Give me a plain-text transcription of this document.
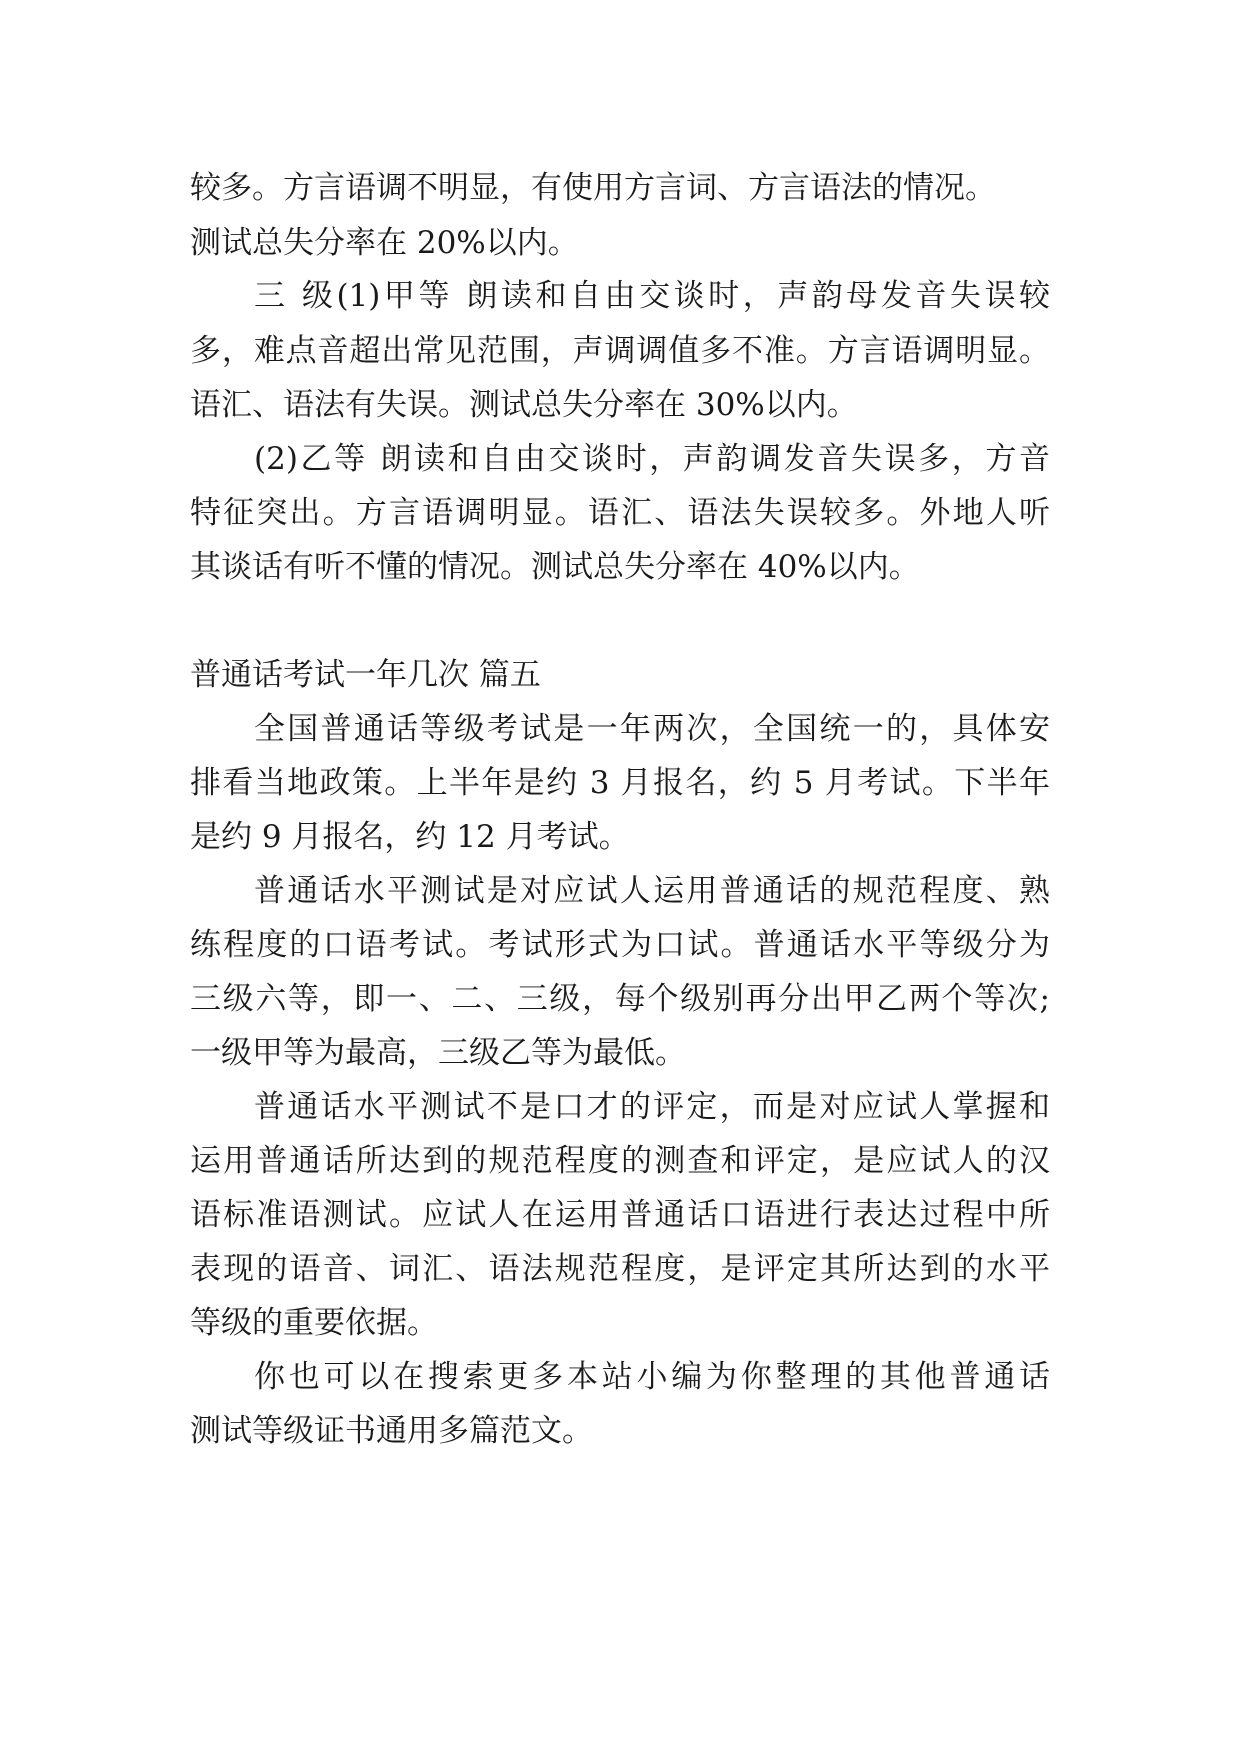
较多。方言语调不明显，有使用方言词、方言语法的情况。
测试总失分率在 20%以内。
三 级(1)甲等 朗读和自由交谈时，声韵母发音失误较
多，难点音超出常见范围，声调调值多不准。方言语调明显。
语汇、语法有失误。测试总失分率在 30%以内。
(2)乙等 朗读和自由交谈时，声韵调发音失误多，方音
特征突出。方言语调明显。语汇、语法失误较多。外地人听
其谈话有听不懂的情况。测试总失分率在 40%以内。
普通话考试一年几次 篇五
全国普通话等级考试是一年两次，全国统一的，具体安
排看当地政策。上半年是约 3 月报名，约 5 月考试。下半年
是约 9 月报名，约 12 月考试。
普通话水平测试是对应试人运用普通话的规范程度、熟
练程度的口语考试。考试形式为口试。普通话水平等级分为
三级六等，即一、二、三级，每个级别再分出甲乙两个等次;
一级甲等为最高，三级乙等为最低。
普通话水平测试不是口才的评定，而是对应试人掌握和
运用普通话所达到的规范程度的测查和评定，是应试人的汉
语标准语测试。应试人在运用普通话口语进行表达过程中所
表现的语音、词汇、语法规范程度，是评定其所达到的水平
等级的重要依据。
你也可以在搜索更多本站小编为你整理的其他普通话
测试等级证书通用多篇范文。
